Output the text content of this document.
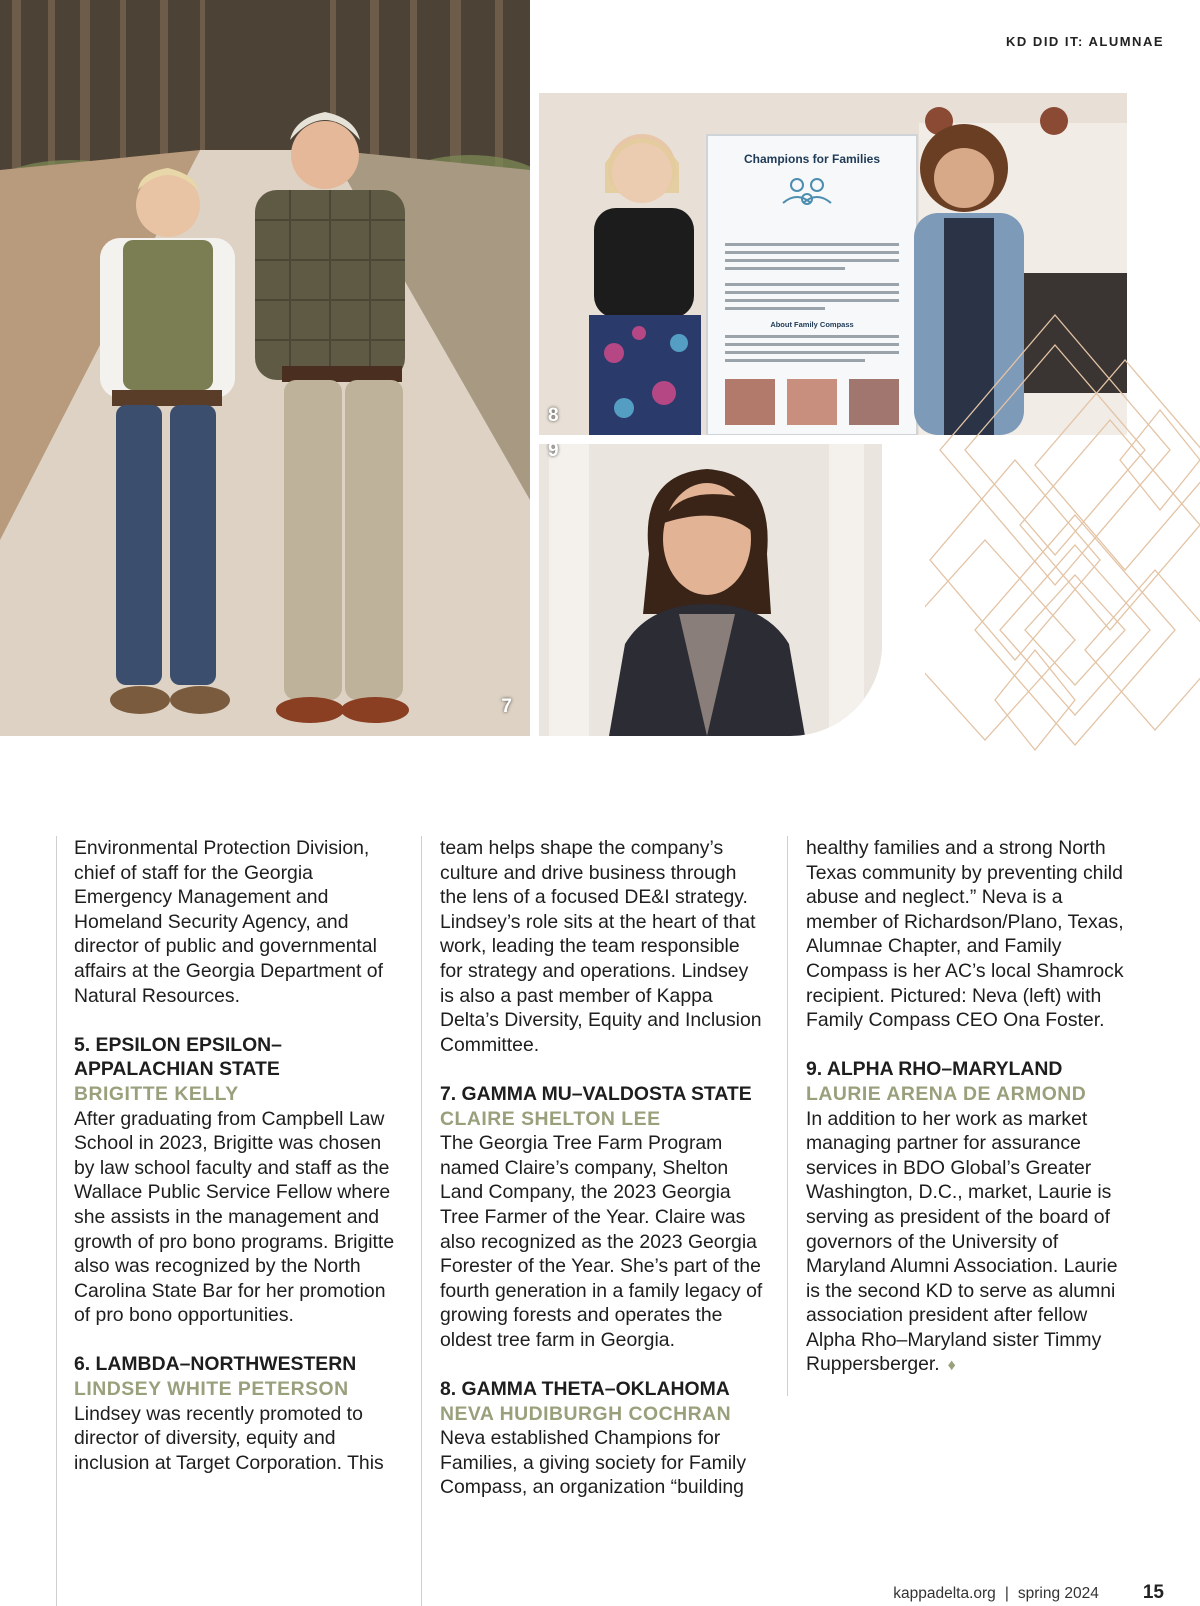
KD DID IT: ALUMNAE
7
Champions for Families
About Family Compass
8
9

Environmental Protection Division, chief of staff for the Georgia Emergency Management and Homeland Security Agency, and director of public and governmental affairs at the Georgia Department of Natural Resources.

5. EPSILON EPSILON–
APPALACHIAN STATE
BRIGITTE KELLY
After graduating from Campbell Law School in 2023, Brigitte was chosen by law school faculty and staff as the Wallace Public Service Fellow where she assists in the management and growth of pro bono programs. Brigitte also was recognized by the North Carolina State Bar for her promotion of pro bono opportunities.

6. LAMBDA–NORTHWESTERN
LINDSEY WHITE PETERSON
Lindsey was recently promoted to director of diversity, equity and inclusion at Target Corporation. This

team helps shape the company’s culture and drive business through the lens of a focused DE&I strategy. Lindsey’s role sits at the heart of that work, leading the team responsible for strategy and operations. Lindsey is also a past member of Kappa Delta’s Diversity, Equity and Inclusion Committee.

7. GAMMA MU–VALDOSTA STATE
CLAIRE SHELTON LEE
The Georgia Tree Farm Program named Claire’s company, Shelton Land Company, the 2023 Georgia Tree Farmer of the Year. Claire was also recognized as the 2023 Georgia Forester of the Year. She’s part of the fourth generation in a family legacy of growing forests and operates the oldest tree farm in Georgia.

8. GAMMA THETA–OKLAHOMA
NEVA HUDIBURGH COCHRAN
Neva established Champions for Families, a giving society for Family Compass, an organization “building

healthy families and a strong North Texas community by preventing child abuse and neglect.” Neva is a member of Richardson/Plano, Texas, Alumnae Chapter, and Family Compass is her AC’s local Shamrock recipient. Pictured: Neva (left) with Family Compass CEO Ona Foster.

9. ALPHA RHO–MARYLAND
LAURIE ARENA DE ARMOND
In addition to her work as market managing partner for assurance services in BDO Global’s Greater Washington, D.C., market, Laurie is serving as president of the board of governors of the University of Maryland Alumni Association. Laurie is the second KD to serve as alumni association president after fellow Alpha Rho–Maryland sister Timmy Ruppersberger. ♦

kappadelta.org | spring 2024 15
